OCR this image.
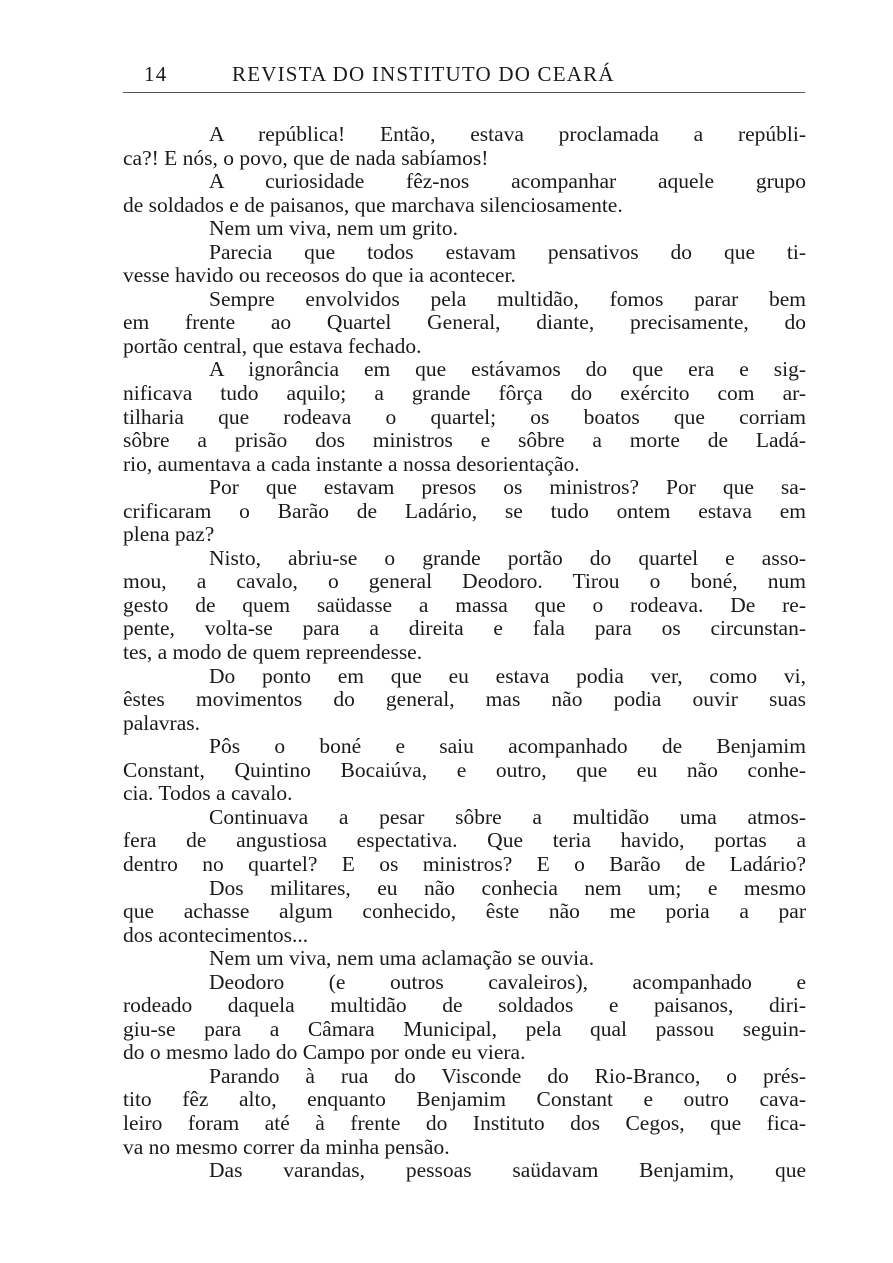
14	REVISTA DO INSTITUTO DO CEARÁ
A república! Então, estava proclamada a repúbli-
ca?! E nós, o povo, que de nada sabíamos!
A curiosidade fêz-nos acompanhar aquele grupo
de soldados e de paisanos, que marchava silenciosamente.
Nem um viva, nem um grito.
Parecia que todos estavam pensativos do que ti-
vesse havido ou receosos do que ia acontecer.
Sempre envolvidos pela multidão, fomos parar bem
em frente ao Quartel General, diante, precisamente, do
portão central, que estava fechado.
A ignorância em que estávamos do que era e sig-
nificava tudo aquilo; a grande fôrça do exército com ar-
tilharia que rodeava o quartel; os boatos que corriam
sôbre a prisão dos ministros e sôbre a morte de Ladá-
rio, aumentava a cada instante a nossa desorientação.
Por que estavam presos os ministros? Por que sa-
crificaram o Barão de Ladário, se tudo ontem estava em
plena paz?
Nisto, abriu-se o grande portão do quartel e asso-
mou, a cavalo, o general Deodoro. Tirou o boné, num
gesto de quem saüdasse a massa que o rodeava. De re-
pente, volta-se para a direita e fala para os circunstan-
tes, a modo de quem repreendesse.
Do ponto em que eu estava podia ver, como vi,
êstes movimentos do general, mas não podia ouvir suas
palavras.
Pôs o boné e saiu acompanhado de Benjamim
Constant, Quintino Bocaiúva, e outro, que eu não conhe-
cia. Todos a cavalo.
Continuava a pesar sôbre a multidão uma atmos-
fera de angustiosa espectativa. Que teria havido, portas a
dentro no quartel? E os ministros? E o Barão de Ladário?
Dos militares, eu não conhecia nem um; e mesmo
que achasse algum conhecido, êste não me poria a par
dos acontecimentos...
Nem um viva, nem uma aclamação se ouvia.
Deodoro (e outros cavaleiros), acompanhado e
rodeado daquela multidão de soldados e paisanos, diri-
giu-se para a Câmara Municipal, pela qual passou seguin-
do o mesmo lado do Campo por onde eu viera.
Parando à rua do Visconde do Rio-Branco, o prés-
tito fêz alto, enquanto Benjamim Constant e outro cava-
leiro foram até à frente do Instituto dos Cegos, que fica-
va no mesmo correr da minha pensão.
Das varandas, pessoas saüdavam Benjamim, que
